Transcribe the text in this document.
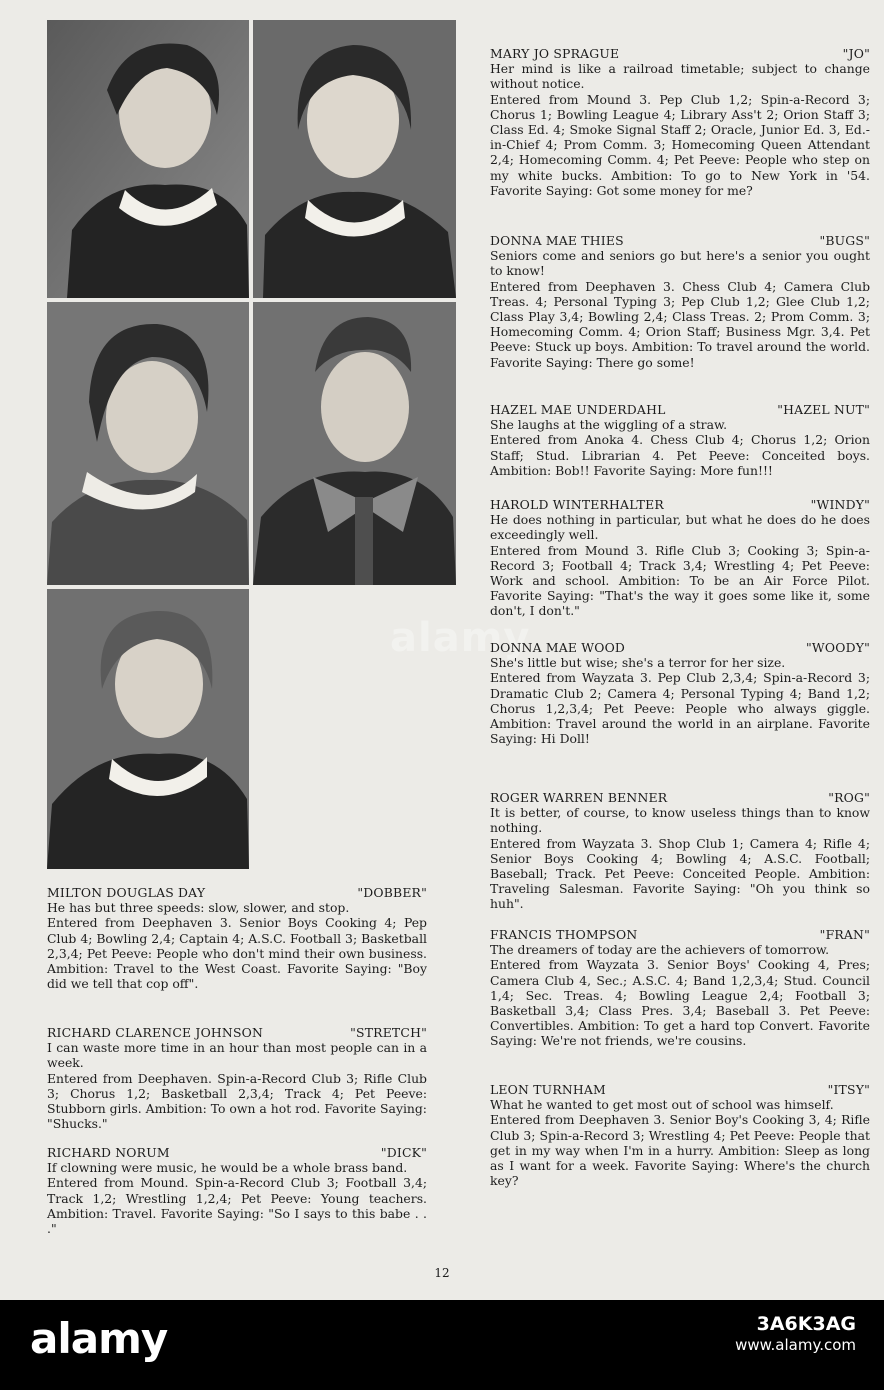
alamy
MILTON DOUGLAS DAY	"DOBBER"

He has but three speeds: slow, slower, and stop.

Entered from Deephaven 3. Senior Boys Cooking 4; Pep Club 4; Bowling 2,4; Captain 4; A.S.C. Football 3; Basketball 2,3,4; Pet Peeve: People who don't mind their own business. Ambition: Travel to the West Coast. Favorite Saying: "Boy did we tell that cop off".

RICHARD CLARENCE JOHNSON	"STRETCH"

I can waste more time in an hour than most people can in a week.

Entered from Deephaven. Spin-a-Record Club 3; Rifle Club 3; Chorus 1,2; Basketball 2,3,4; Track 4; Pet Peeve: Stubborn girls. Ambition: To own a hot rod. Favorite Saying: "Shucks."

RICHARD NORUM	"DICK"

If clowning were music, he would be a whole brass band.

Entered from Mound. Spin-a-Record Club 3; Football 3,4; Track 1,2; Wrestling 1,2,4; Pet Peeve: Young teachers. Ambition: Travel. Favorite Saying: "So I says to this babe . . ."

MARY JO SPRAGUE	"JO"

Her mind is like a railroad timetable; subject to change without notice.

Entered from Mound 3. Pep Club 1,2; Spin-a-Record 3; Chorus 1; Bowling League 4; Library Ass't 2; Orion Staff 3; Class Ed. 4; Smoke Signal Staff 2; Oracle, Junior Ed. 3, Ed.-in-Chief 4; Prom Comm. 3; Homecoming Queen Attendant 2,4; Homecoming Comm. 4; Pet Peeve: People who step on my white bucks. Ambition: To go to New York in '54. Favorite Saying: Got some money for me?

DONNA MAE THIES	"BUGS"

Seniors come and seniors go but here's a senior you ought to know!

Entered from Deephaven 3. Chess Club 4; Camera Club Treas. 4; Personal Typing 3; Pep Club 1,2; Glee Club 1,2; Class Play 3,4; Bowling 2,4; Class Treas. 2; Prom Comm. 3; Homecoming Comm. 4; Orion Staff; Business Mgr. 3,4. Pet Peeve: Stuck up boys. Ambition: To travel around the world. Favorite Saying: There go some!

HAZEL MAE UNDERDAHL	"HAZEL NUT"

She laughs at the wiggling of a straw.

Entered from Anoka 4. Chess Club 4; Chorus 1,2; Orion Staff; Stud. Librarian 4. Pet Peeve: Conceited boys. Ambition: Bob!! Favorite Saying: More fun!!!

HAROLD WINTERHALTER	"WINDY"

He does nothing in particular, but what he does do he does exceedingly well.

Entered from Mound 3. Rifle Club 3; Cooking 3; Spin-a-Record 3; Football 4; Track 3,4; Wrestling 4; Pet Peeve: Work and school. Ambition: To be an Air Force Pilot. Favorite Saying: "That's the way it goes some like it, some don't, I don't."

DONNA MAE WOOD	"WOODY"

She's little but wise; she's a terror for her size.

Entered from Wayzata 3. Pep Club 2,3,4; Spin-a-Record 3; Dramatic Club 2; Camera 4; Personal Typing 4; Band 1,2; Chorus 1,2,3,4; Pet Peeve: People who always giggle. Ambition: Travel around the world in an airplane. Favorite Saying: Hi Doll!

ROGER WARREN BENNER	"ROG"

It is better, of course, to know useless things than to know nothing.

Entered from Wayzata 3. Shop Club 1; Camera 4; Rifle 4; Senior Boys Cooking 4; Bowling 4; A.S.C. Football; Baseball; Track. Pet Peeve: Conceited People. Ambition: Traveling Salesman. Favorite Saying: "Oh you think so huh".

FRANCIS THOMPSON	"FRAN"

The dreamers of today are the achievers of tomorrow.

Entered from Wayzata 3. Senior Boys' Cooking 4, Pres; Camera Club 4, Sec.; A.S.C. 4; Band 1,2,3,4; Stud. Council 1,4; Sec. Treas. 4; Bowling League 2,4; Football 3; Basketball 3,4; Class Pres. 3,4; Baseball 3. Pet Peeve: Convertibles. Ambition: To get a hard top Convert. Favorite Saying: We're not friends, we're cousins.

LEON TURNHAM	"ITSY"

What he wanted to get most out of school was himself.

Entered from Deephaven 3. Senior Boy's Cooking 3, 4; Rifle Club 3; Spin-a-Record 3; Wrestling 4; Pet Peeve: People that get in my way when I'm in a hurry. Ambition: Sleep as long as I want for a week. Favorite Saying: Where's the church key?

12
alamy	3A6K3AG
www.alamy.com
